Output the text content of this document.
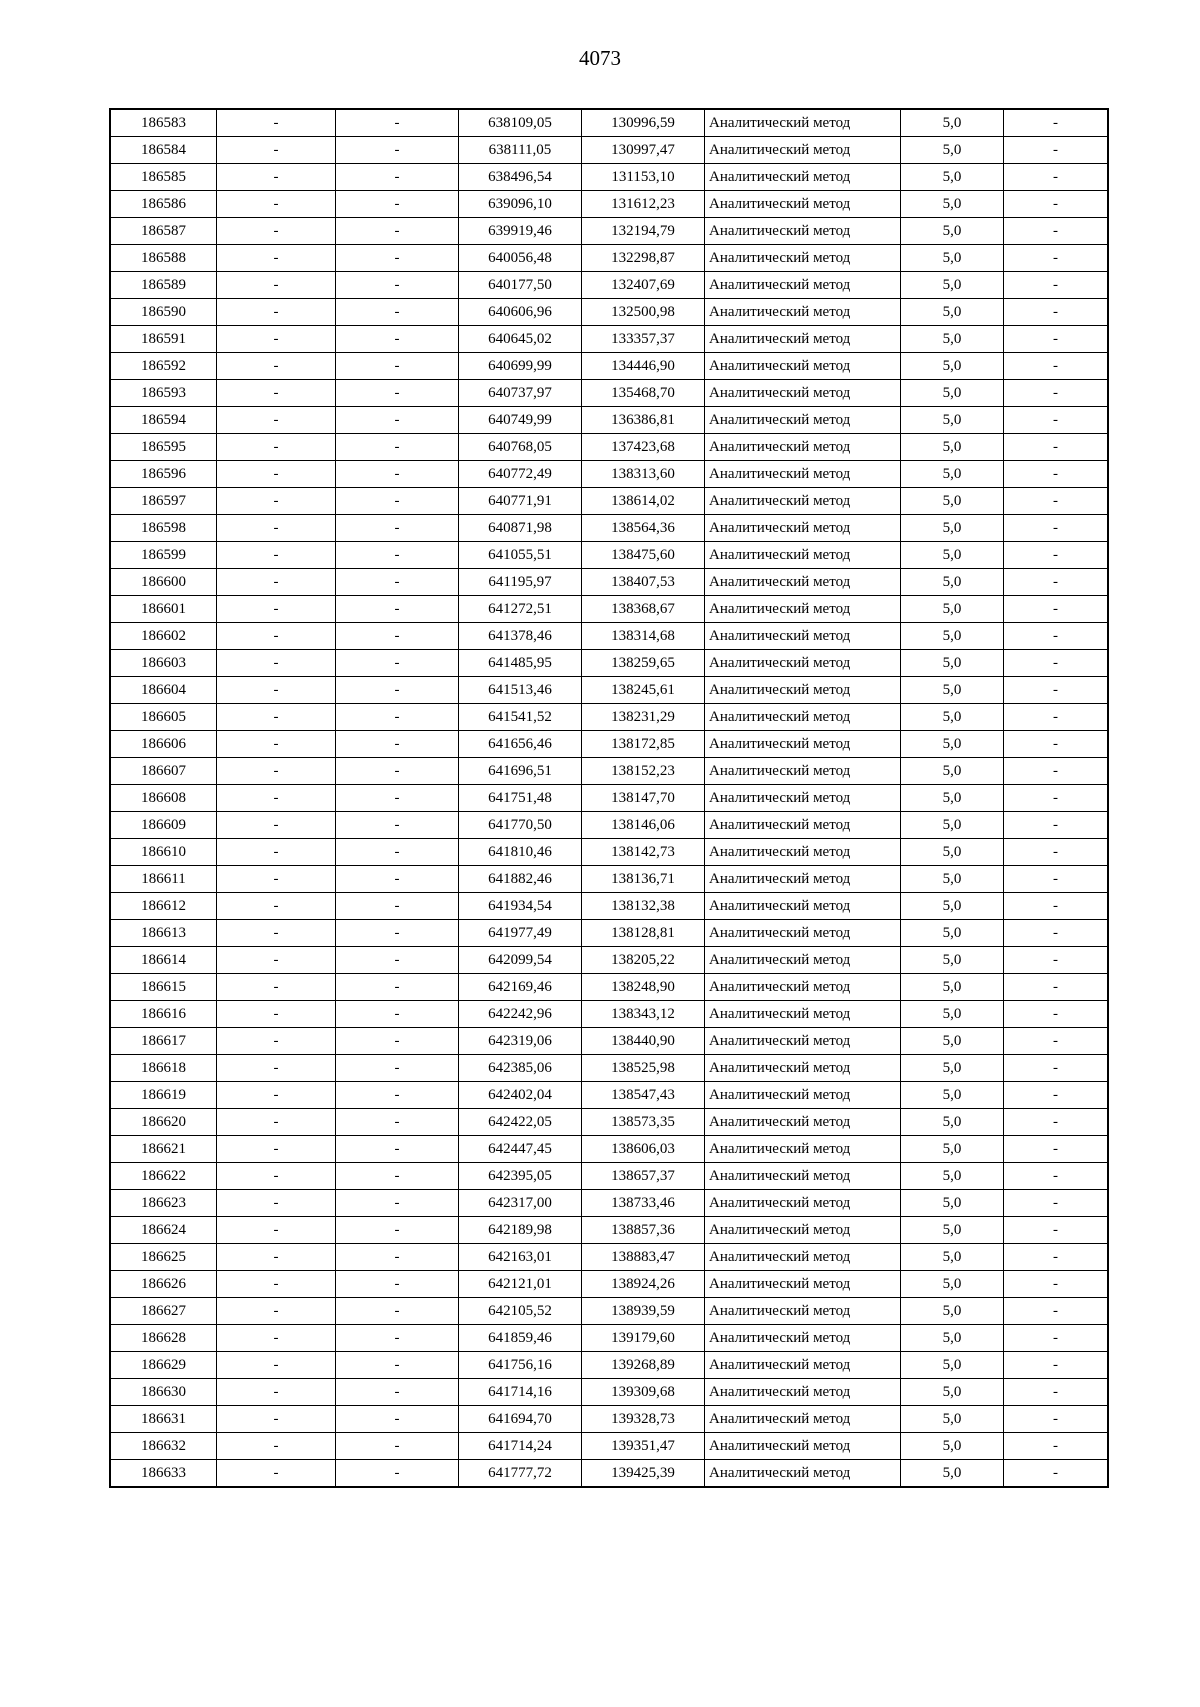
4073
186583	-	-	638109,05	130996,59	Аналитический метод	5,0	-
186584	-	-	638111,05	130997,47	Аналитический метод	5,0	-
186585	-	-	638496,54	131153,10	Аналитический метод	5,0	-
186586	-	-	639096,10	131612,23	Аналитический метод	5,0	-
186587	-	-	639919,46	132194,79	Аналитический метод	5,0	-
186588	-	-	640056,48	132298,87	Аналитический метод	5,0	-
186589	-	-	640177,50	132407,69	Аналитический метод	5,0	-
186590	-	-	640606,96	132500,98	Аналитический метод	5,0	-
186591	-	-	640645,02	133357,37	Аналитический метод	5,0	-
186592	-	-	640699,99	134446,90	Аналитический метод	5,0	-
186593	-	-	640737,97	135468,70	Аналитический метод	5,0	-
186594	-	-	640749,99	136386,81	Аналитический метод	5,0	-
186595	-	-	640768,05	137423,68	Аналитический метод	5,0	-
186596	-	-	640772,49	138313,60	Аналитический метод	5,0	-
186597	-	-	640771,91	138614,02	Аналитический метод	5,0	-
186598	-	-	640871,98	138564,36	Аналитический метод	5,0	-
186599	-	-	641055,51	138475,60	Аналитический метод	5,0	-
186600	-	-	641195,97	138407,53	Аналитический метод	5,0	-
186601	-	-	641272,51	138368,67	Аналитический метод	5,0	-
186602	-	-	641378,46	138314,68	Аналитический метод	5,0	-
186603	-	-	641485,95	138259,65	Аналитический метод	5,0	-
186604	-	-	641513,46	138245,61	Аналитический метод	5,0	-
186605	-	-	641541,52	138231,29	Аналитический метод	5,0	-
186606	-	-	641656,46	138172,85	Аналитический метод	5,0	-
186607	-	-	641696,51	138152,23	Аналитический метод	5,0	-
186608	-	-	641751,48	138147,70	Аналитический метод	5,0	-
186609	-	-	641770,50	138146,06	Аналитический метод	5,0	-
186610	-	-	641810,46	138142,73	Аналитический метод	5,0	-
186611	-	-	641882,46	138136,71	Аналитический метод	5,0	-
186612	-	-	641934,54	138132,38	Аналитический метод	5,0	-
186613	-	-	641977,49	138128,81	Аналитический метод	5,0	-
186614	-	-	642099,54	138205,22	Аналитический метод	5,0	-
186615	-	-	642169,46	138248,90	Аналитический метод	5,0	-
186616	-	-	642242,96	138343,12	Аналитический метод	5,0	-
186617	-	-	642319,06	138440,90	Аналитический метод	5,0	-
186618	-	-	642385,06	138525,98	Аналитический метод	5,0	-
186619	-	-	642402,04	138547,43	Аналитический метод	5,0	-
186620	-	-	642422,05	138573,35	Аналитический метод	5,0	-
186621	-	-	642447,45	138606,03	Аналитический метод	5,0	-
186622	-	-	642395,05	138657,37	Аналитический метод	5,0	-
186623	-	-	642317,00	138733,46	Аналитический метод	5,0	-
186624	-	-	642189,98	138857,36	Аналитический метод	5,0	-
186625	-	-	642163,01	138883,47	Аналитический метод	5,0	-
186626	-	-	642121,01	138924,26	Аналитический метод	5,0	-
186627	-	-	642105,52	138939,59	Аналитический метод	5,0	-
186628	-	-	641859,46	139179,60	Аналитический метод	5,0	-
186629	-	-	641756,16	139268,89	Аналитический метод	5,0	-
186630	-	-	641714,16	139309,68	Аналитический метод	5,0	-
186631	-	-	641694,70	139328,73	Аналитический метод	5,0	-
186632	-	-	641714,24	139351,47	Аналитический метод	5,0	-
186633	-	-	641777,72	139425,39	Аналитический метод	5,0	-
